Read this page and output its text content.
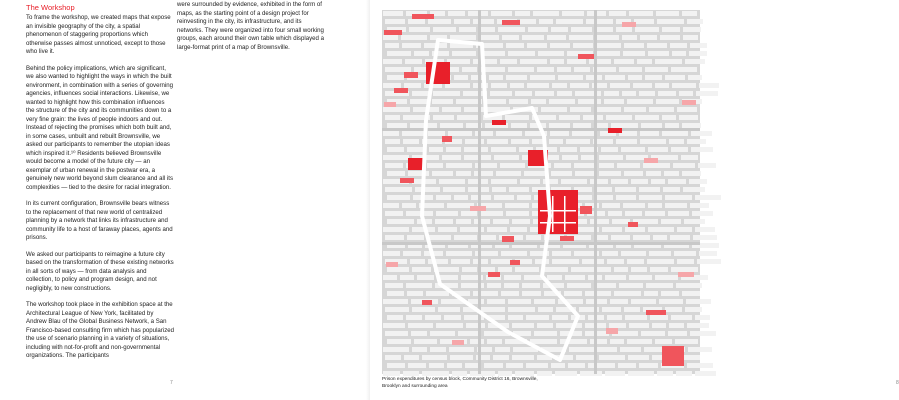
The Workshop

To frame the workshop, we created maps that expose an invisible geography of the city, a spatial phenomenon of staggering proportions which otherwise passes almost unnoticed, except to those who live it.

Behind the policy implications, which are significant, we also wanted to highlight the ways in which the built environment, in combination with a series of governing agencies, influences social interactions. Likewise, we wanted to highlight how this combination influences the structure of the city and its communities down to a very fine grain: the lives of people indoors and out. Instead of rejecting the promises which both built and, in some cases, unbuilt and rebuilt Brownsville, we asked our participants to remember the utopian ideas which inspired it.¹⁰ Residents believed Brownsville would become a model of the future city — an exemplar of urban renewal in the postwar era, a genuinely new world beyond slum clearance and all its complexities — tied to the desire for racial integration.

In its current configuration, Brownsville bears witness to the replacement of that new world of centralized planning by a network that links its infrastructure and community life to a host of faraway places, agents and prisons.

We asked our participants to reimagine a future city based on the transformation of these existing networks in all sorts of ways — from data analysis and collection, to policy and program design, and not negligibly, to new constructions.

The workshop took place in the exhibition space at the Architectural League of New York, facilitated by Andrew Blau of the Global Business Network, a San Francisco-based consulting firm which has popularized the use of scenario planning in a variety of situations, including with not-for-profit and non-governmental organizations. The participants

were surrounded by evidence, exhibited in the form of maps, as the starting point of a design project for reinvesting in the city, its infrastructure, and its networks. They were organized into four small working groups, each around their own table which displayed a large-format print of a map of Brownsville.

7
Prison expenditures by census block, Community District 16, Brownsville, Brooklyn and surrounding area
8
